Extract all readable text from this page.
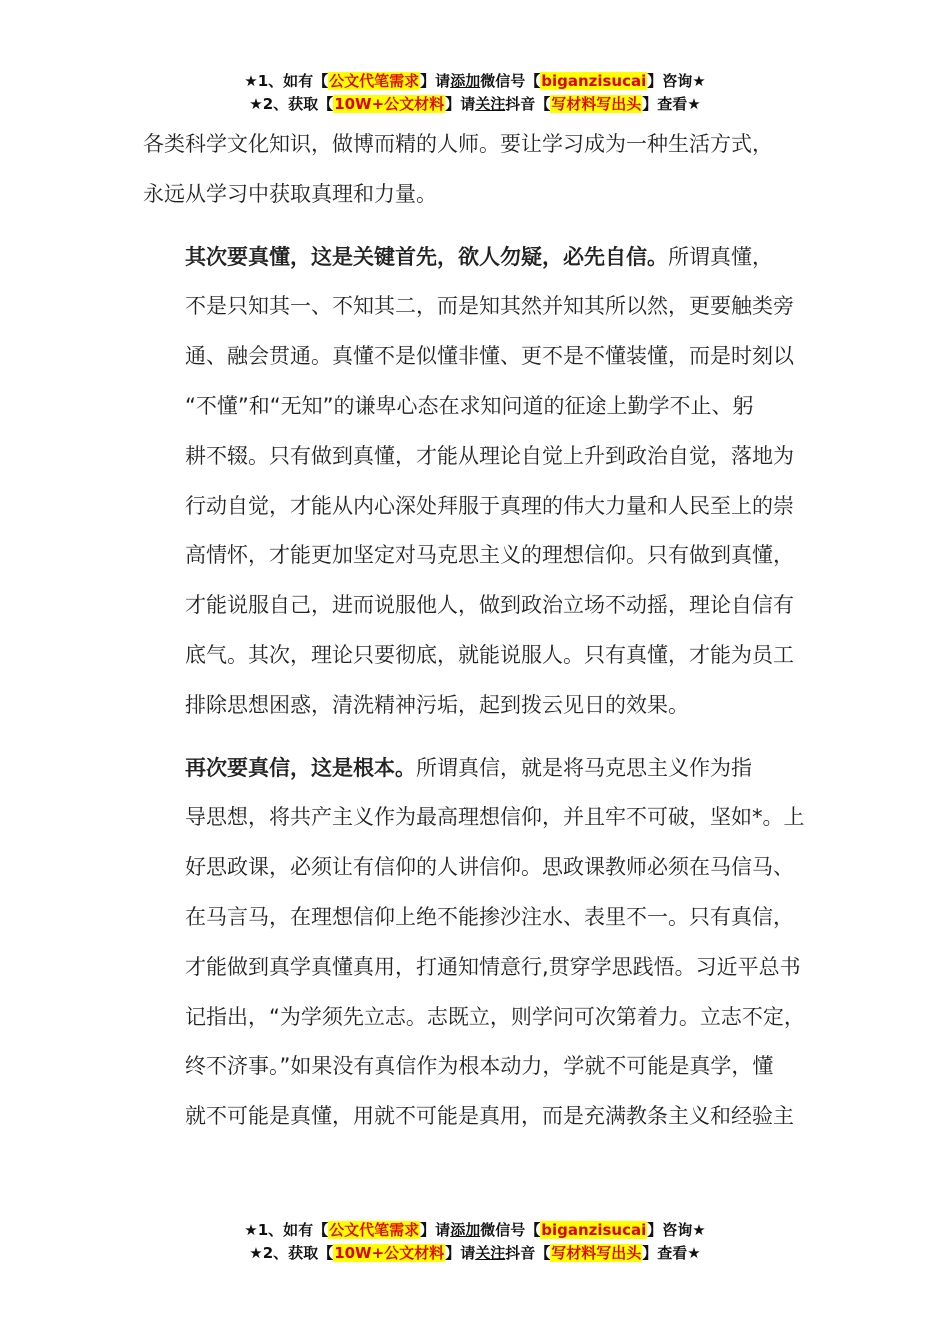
★1、如有【公文代笔需求】请添加微信号【biganzisucai】咨询★
★2、获取【10W+公文材料】请关注抖音【写材料写出头】查看★

各类科学文化知识，做博而精的人师。要让学习成为一种生活方式，
永远从学习中获取真理和力量。

其次要真懂，这是关键首先，欲人勿疑，必先自信。所谓真懂，
不是只知其一、不知其二，而是知其然并知其所以然，更要触类旁
通、融会贯通。真懂不是似懂非懂、更不是不懂装懂，而是时刻以
“不懂”和“无知”的谦卑心态在求知问道的征途上勤学不止、躬
耕不辍。只有做到真懂，才能从理论自觉上升到政治自觉，落地为
行动自觉，才能从内心深处拜服于真理的伟大力量和人民至上的崇
高情怀，才能更加坚定对马克思主义的理想信仰。只有做到真懂，
才能说服自己，进而说服他人，做到政治立场不动摇，理论自信有
底气。其次，理论只要彻底，就能说服人。只有真懂，才能为员工
排除思想困惑，清洗精神污垢，起到拨云见日的效果。

再次要真信，这是根本。所谓真信，就是将马克思主义作为指
导思想，将共产主义作为最高理想信仰，并且牢不可破，坚如*。上
好思政课，必须让有信仰的人讲信仰。思政课教师必须在马信马、
在马言马，在理想信仰上绝不能掺沙注水、表里不一。只有真信，
才能做到真学真懂真用，打通知情意行,贯穿学思践悟。习近平总书
记指出，“为学须先立志。志既立，则学问可次第着力。立志不定，
终不济事。”如果没有真信作为根本动力，学就不可能是真学，懂
就不可能是真懂，用就不可能是真用，而是充满教条主义和经验主

★1、如有【公文代笔需求】请添加微信号【biganzisucai】咨询★
★2、获取【10W+公文材料】请关注抖音【写材料写出头】查看★
